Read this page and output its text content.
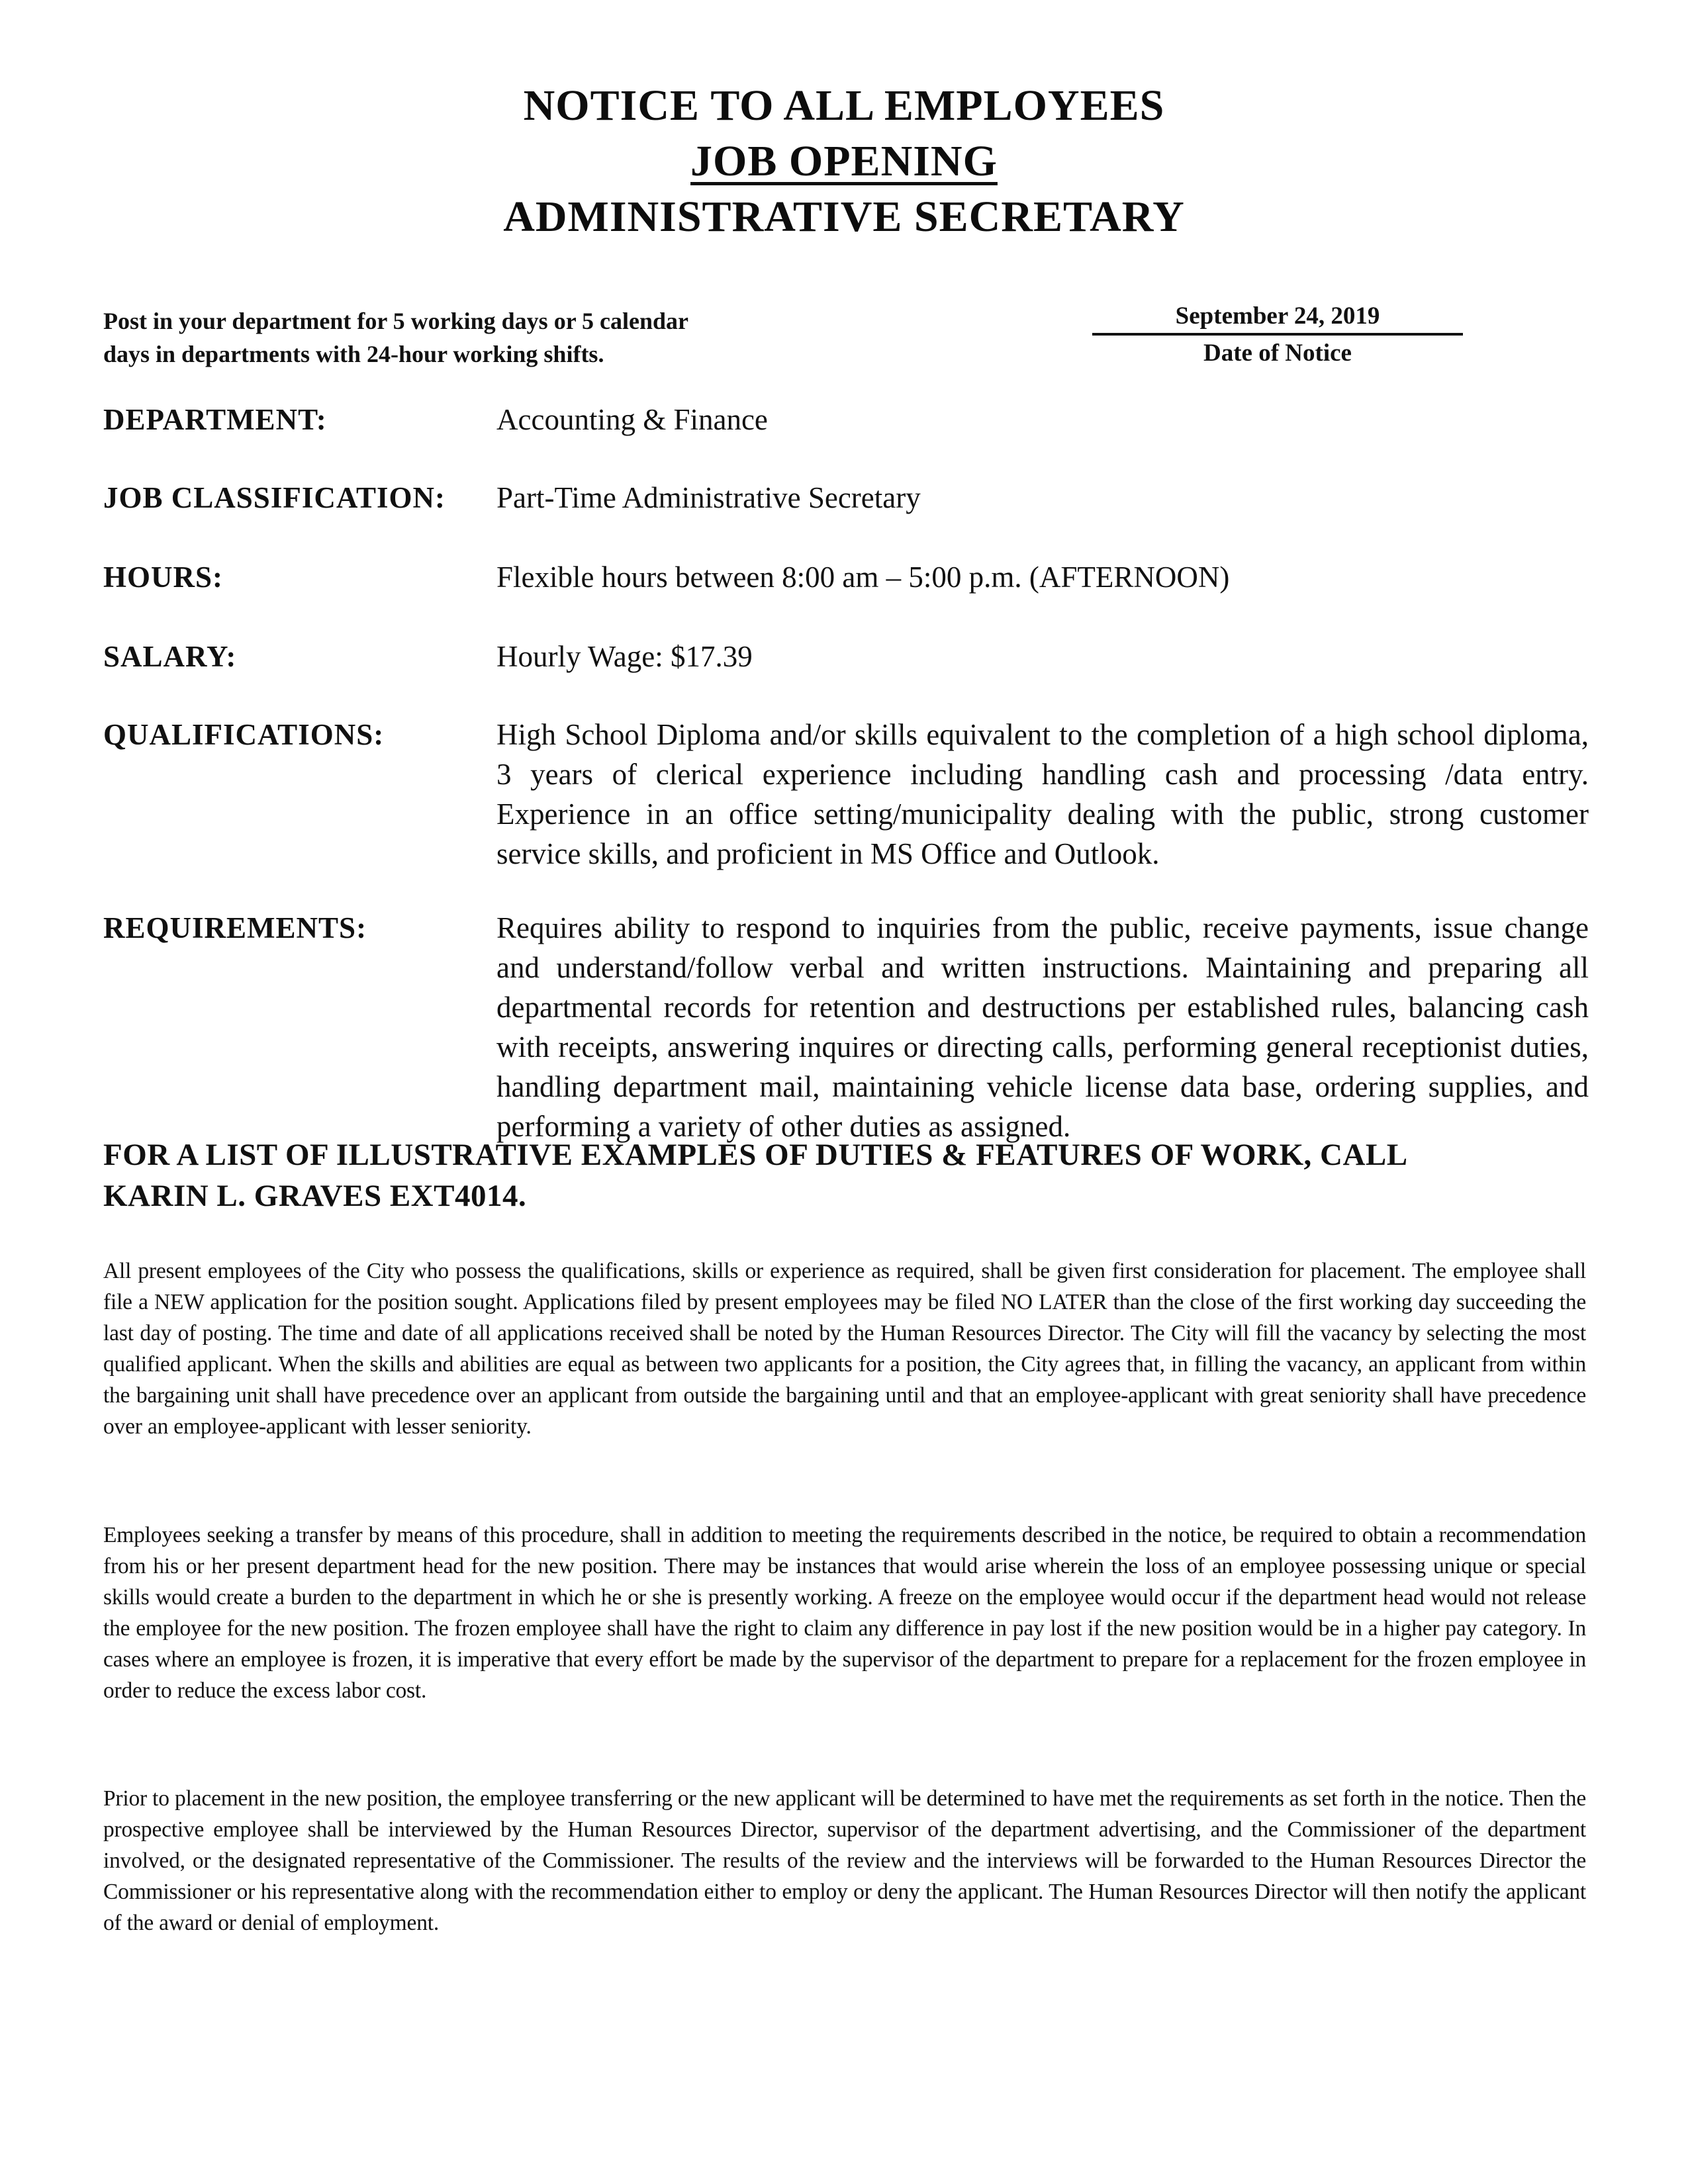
NOTICE TO ALL EMPLOYEES
JOB OPENING
ADMINISTRATIVE SECRETARY
Post in your department for 5 working days or 5 calendar
days in departments with 24-hour working shifts.
September 24, 2019
Date of Notice
DEPARTMENT:	Accounting & Finance
JOB CLASSIFICATION: Part-Time Administrative Secretary
HOURS:	Flexible hours between 8:00 am – 5:00 p.m. (AFTERNOON)
SALARY:	Hourly Wage: $17.39
QUALIFICATIONS:	High School Diploma and/or skills equivalent to the completion of a high school diploma, 3 years of clerical experience including handling cash and processing /data entry. Experience in an office setting/municipality dealing with the public, strong customer service skills, and proficient in MS Office and Outlook.
REQUIREMENTS:	Requires ability to respond to inquiries from the public, receive payments, issue change and understand/follow verbal and written instructions. Maintaining and preparing all departmental records for retention and destructions per established rules, balancing cash with receipts, answering inquires or directing calls, performing general receptionist duties, handling department mail, maintaining vehicle license data base, ordering supplies, and performing a variety of other duties as assigned.
FOR A LIST OF ILLUSTRATIVE EXAMPLES OF DUTIES & FEATURES OF WORK, CALL
KARIN L. GRAVES EXT4014.
All present employees of the City who possess the qualifications, skills or experience as required, shall be given first consideration for placement. The employee shall file a NEW application for the position sought. Applications filed by present employees may be filed NO LATER than the close of the first working day succeeding the last day of posting. The time and date of all applications received shall be noted by the Human Resources Director. The City will fill the vacancy by selecting the most qualified applicant. When the skills and abilities are equal as between two applicants for a position, the City agrees that, in filling the vacancy, an applicant from within the bargaining unit shall have precedence over an applicant from outside the bargaining until and that an employee-applicant with great seniority shall have precedence over an employee-applicant with lesser seniority.
Employees seeking a transfer by means of this procedure, shall in addition to meeting the requirements described in the notice, be required to obtain a recommendation from his or her present department head for the new position. There may be instances that would arise wherein the loss of an employee possessing unique or special skills would create a burden to the department in which he or she is presently working. A freeze on the employee would occur if the department head would not release the employee for the new position. The frozen employee shall have the right to claim any difference in pay lost if the new position would be in a higher pay category. In cases where an employee is frozen, it is imperative that every effort be made by the supervisor of the department to prepare for a replacement for the frozen employee in order to reduce the excess labor cost.
Prior to placement in the new position, the employee transferring or the new applicant will be determined to have met the requirements as set forth in the notice. Then the prospective employee shall be interviewed by the Human Resources Director, supervisor of the department advertising, and the Commissioner of the department involved, or the designated representative of the Commissioner. The results of the review and the interviews will be forwarded to the Human Resources Director the Commissioner or his representative along with the recommendation either to employ or deny the applicant. The Human Resources Director will then notify the applicant of the award or denial of employment.
